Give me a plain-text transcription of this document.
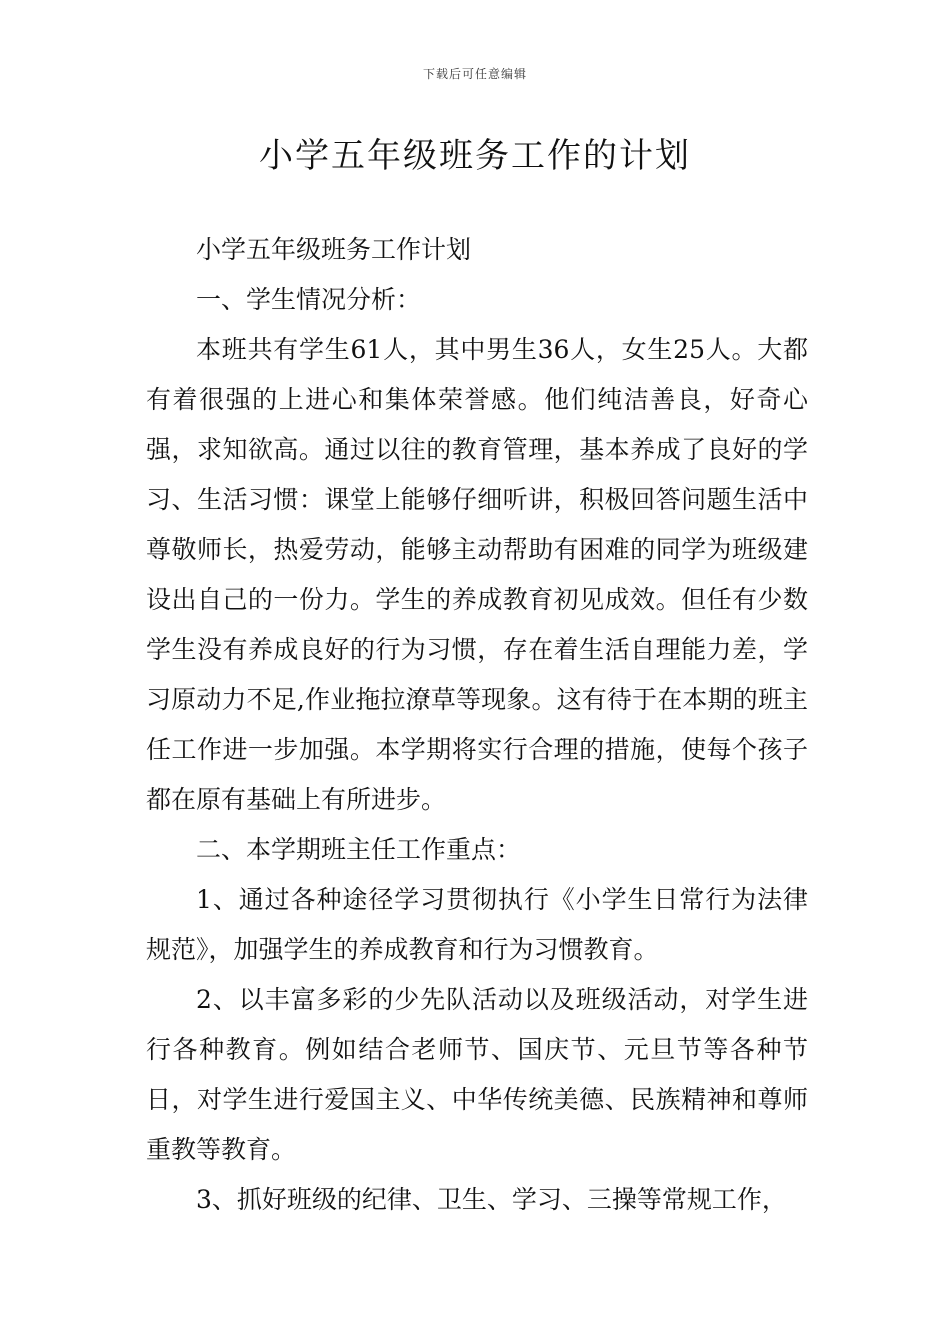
下载后可任意编辑
小学五年级班务工作的计划

小学五年级班务工作计划

一、学生情况分析：

本班共有学生61人，其中男生36人，女生25人。大都有着很强的上进心和集体荣誉感。他们纯洁善良，好奇心强，求知欲高。通过以往的教育管理，基本养成了良好的学习、生活习惯：课堂上能够仔细听讲，积极回答问题生活中尊敬师长，热爱劳动，能够主动帮助有困难的同学为班级建设出自己的一份力。学生的养成教育初见成效。但任有少数学生没有养成良好的行为习惯，存在着生活自理能力差，学习原动力不足,作业拖拉潦草等现象。这有待于在本期的班主任工作进一步加强。本学期将实行合理的措施，使每个孩子都在原有基础上有所进步。

二、本学期班主任工作重点：

1、通过各种途径学习贯彻执行《小学生日常行为法律规范》，加强学生的养成教育和行为习惯教育。

2、以丰富多彩的少先队活动以及班级活动，对学生进行各种教育。例如结合老师节、国庆节、元旦节等各种节日，对学生进行爱国主义、中华传统美德、民族精神和尊师重教等教育。

3、抓好班级的纪律、卫生、学习、三操等常规工作，
